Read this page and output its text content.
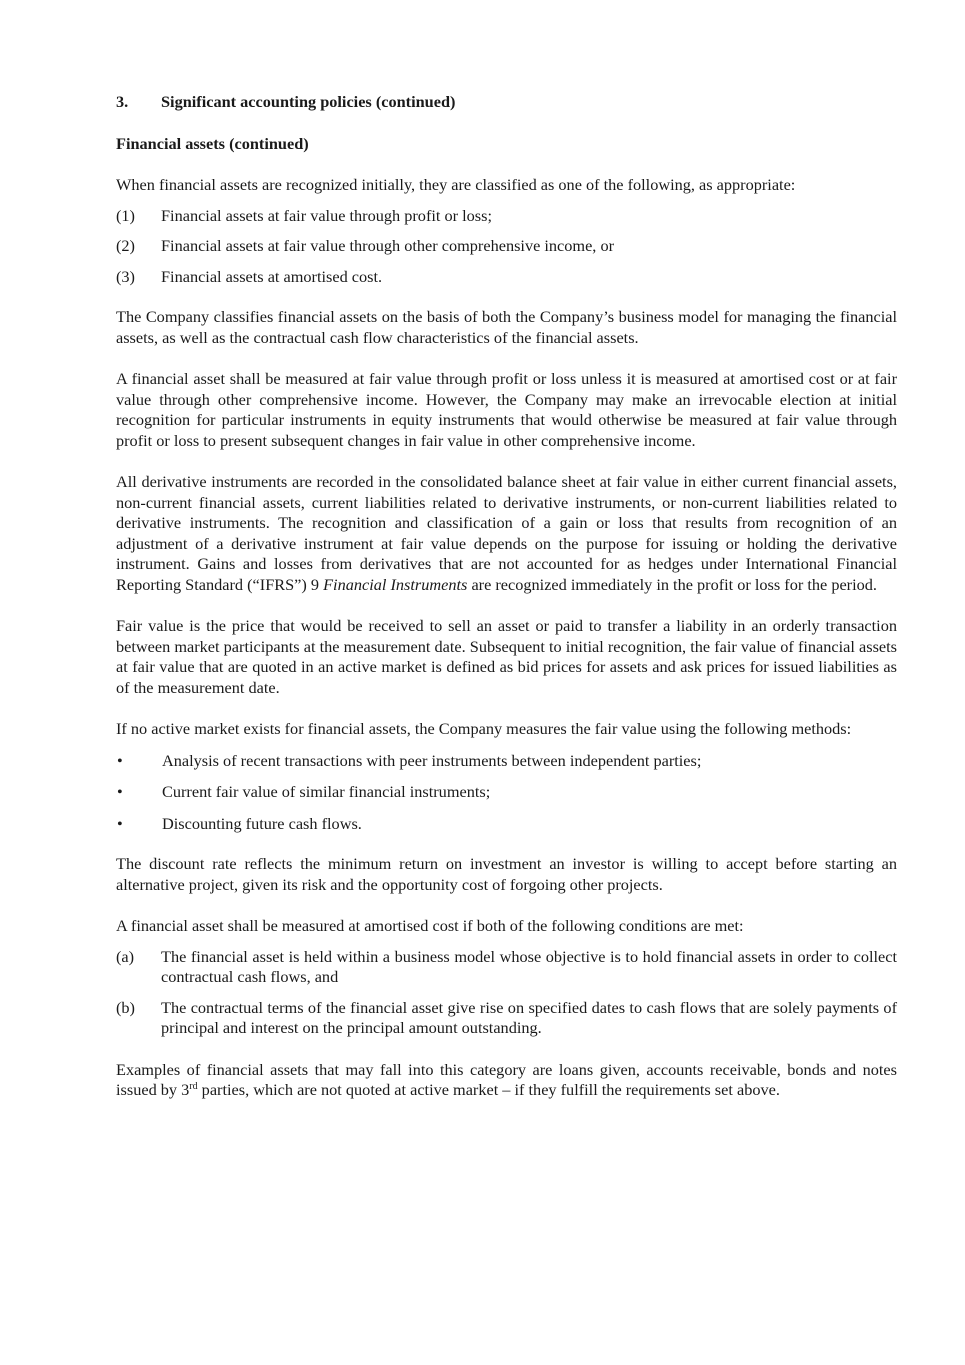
3.	Significant accounting policies (continued)

Financial assets (continued)

When financial assets are recognized initially, they are classified as one of the following, as appropriate:

(1)	Financial assets at fair value through profit or loss;
(2)	Financial assets at fair value through other comprehensive income, or
(3)	Financial assets at amortised cost.

The Company classifies financial assets on the basis of both the Company’s business model for managing the financial assets, as well as the contractual cash flow characteristics of the financial assets.

A financial asset shall be measured at fair value through profit or loss unless it is measured at amortised cost or at fair value through other comprehensive income. However, the Company may make an irrevocable election at initial recognition for particular instruments in equity instruments that would otherwise be measured at fair value through profit or loss to present subsequent changes in fair value in other comprehensive income.

All derivative instruments are recorded in the consolidated balance sheet at fair value in either current financial assets, non-current financial assets, current liabilities related to derivative instruments, or non-current liabilities related to derivative instruments. The recognition and classification of a gain or loss that results from recognition of an adjustment of a derivative instrument at fair value depends on the purpose for issuing or holding the derivative instrument. Gains and losses from derivatives that are not accounted for as hedges under International Financial Reporting Standard (“IFRS”) 9 Financial Instruments are recognized immediately in the profit or loss for the period.

Fair value is the price that would be received to sell an asset or paid to transfer a liability in an orderly transaction between market participants at the measurement date. Subsequent to initial recognition, the fair value of financial assets at fair value that are quoted in an active market is defined as bid prices for assets and ask prices for issued liabilities as of the measurement date.

If no active market exists for financial assets, the Company measures the fair value using the following methods:

•	Analysis of recent transactions with peer instruments between independent parties;
•	Current fair value of similar financial instruments;
•	Discounting future cash flows.

The discount rate reflects the minimum return on investment an investor is willing to accept before starting an alternative project, given its risk and the opportunity cost of forgoing other projects.

A financial asset shall be measured at amortised cost if both of the following conditions are met:

(a)	The financial asset is held within a business model whose objective is to hold financial assets in order to collect contractual cash flows, and
(b)	The contractual terms of the financial asset give rise on specified dates to cash flows that are solely payments of principal and interest on the principal amount outstanding.

Examples of financial assets that may fall into this category are loans given, accounts receivable, bonds and notes issued by 3rd parties, which are not quoted at active market – if they fulfill the requirements set above.
